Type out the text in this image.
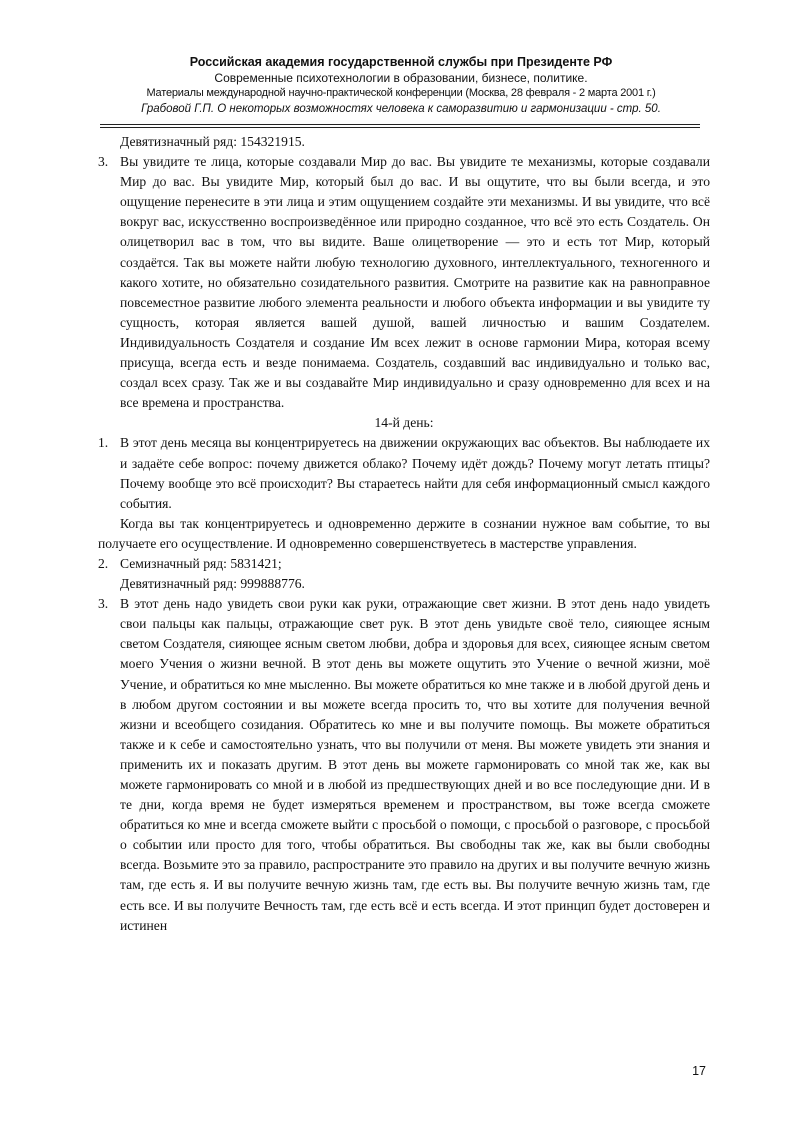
Российская академия государственной службы при Президенте РФ
Современные психотехнологии в образовании, бизнесе, политике.
Материалы международной научно-практической конференции (Москва, 28 февраля - 2 марта 2001 г.)
Грабовой Г.П. О некоторых возможностях человека к саморазвитию и гармонизации - стр. 50.
Девятизначный ряд: 154321915.
3. Вы увидите те лица, которые создавали Мир до вас. Вы увидите те механизмы, которые создавали Мир до вас. Вы увидите Мир, который был до вас. И вы ощутите, что вы были всегда, и это ощущение перенесите в эти лица и этим ощущением создайте эти механизмы. И вы увидите, что всё вокруг вас, искусственно воспроизведённое или природно созданное, что всё это есть Создатель. Он олицетворил вас в том, что вы видите. Ваше олицетворение — это и есть тот Мир, который создаётся. Так вы можете найти любую технологию духовного, интеллектуального, техногенного и какого хотите, но обязательно созидательного развития. Смотрите на развитие как на равноправное повсеместное развитие любого элемента реальности и любого объекта информации и вы увидите ту сущность, которая является вашей душой, вашей личностью и вашим Создателем. Индивидуальность Создателя и создание Им всех лежит в основе гармонии Мира, которая всему присуща, всегда есть и везде понимаема. Создатель, создавший вас индивидуально и только вас, создал всех сразу. Так же и вы создавайте Мир индивидуально и сразу одновременно для всех и на все времена и пространства.
14-й день:
1. В этот день месяца вы концентрируетесь на движении окружающих вас объектов. Вы наблюдаете их и задаёте себе вопрос: почему движется облако? Почему идёт дождь? Почему могут летать птицы? Почему вообще это всё происходит? Вы стараетесь найти для себя информационный смысл каждого события.
Когда вы так концентрируетесь и одновременно держите в сознании нужное вам событие, то вы получаете его осуществление. И одновременно совершенствуетесь в мастерстве управления.
2. Семизначный ряд: 5831421;
Девятизначный ряд: 999888776.
3. В этот день надо увидеть свои руки как руки, отражающие свет жизни. В этот день надо увидеть свои пальцы как пальцы, отражающие свет рук. В этот день увидьте своё тело, сияющее ясным светом Создателя, сияющее ясным светом любви, добра и здоровья для всех, сияющее ясным светом моего Учения о жизни вечной. В этот день вы можете ощутить это Учение о вечной жизни, моё Учение, и обратиться ко мне мысленно. Вы можете обратиться ко мне также и в любой другой день и в любом другом состоянии и вы можете всегда просить то, что вы хотите для получения вечной жизни и всеобщего созидания. Обратитесь ко мне и вы получите помощь. Вы можете обратиться также и к себе и самостоятельно узнать, что вы получили от меня. Вы можете увидеть эти знания и применить их и показать другим. В этот день вы можете гармонировать со мной так же, как вы можете гармонировать со мной и в любой из предшествующих дней и во все последующие дни. И в те дни, когда время не будет измеряться временем и пространством, вы тоже всегда сможете обратиться ко мне и всегда сможете выйти с просьбой о помощи, с просьбой о разговоре, с просьбой о событии или просто для того, чтобы обратиться. Вы свободны так же, как вы были свободны всегда. Возьмите это за правило, распространите это правило на других и вы получите вечную жизнь там, где есть я. И вы получите вечную жизнь там, где есть вы. Вы получите вечную жизнь там, где есть все. И вы получите Вечность там, где есть всё и есть всегда. И этот принцип будет достоверен и истинен
17
